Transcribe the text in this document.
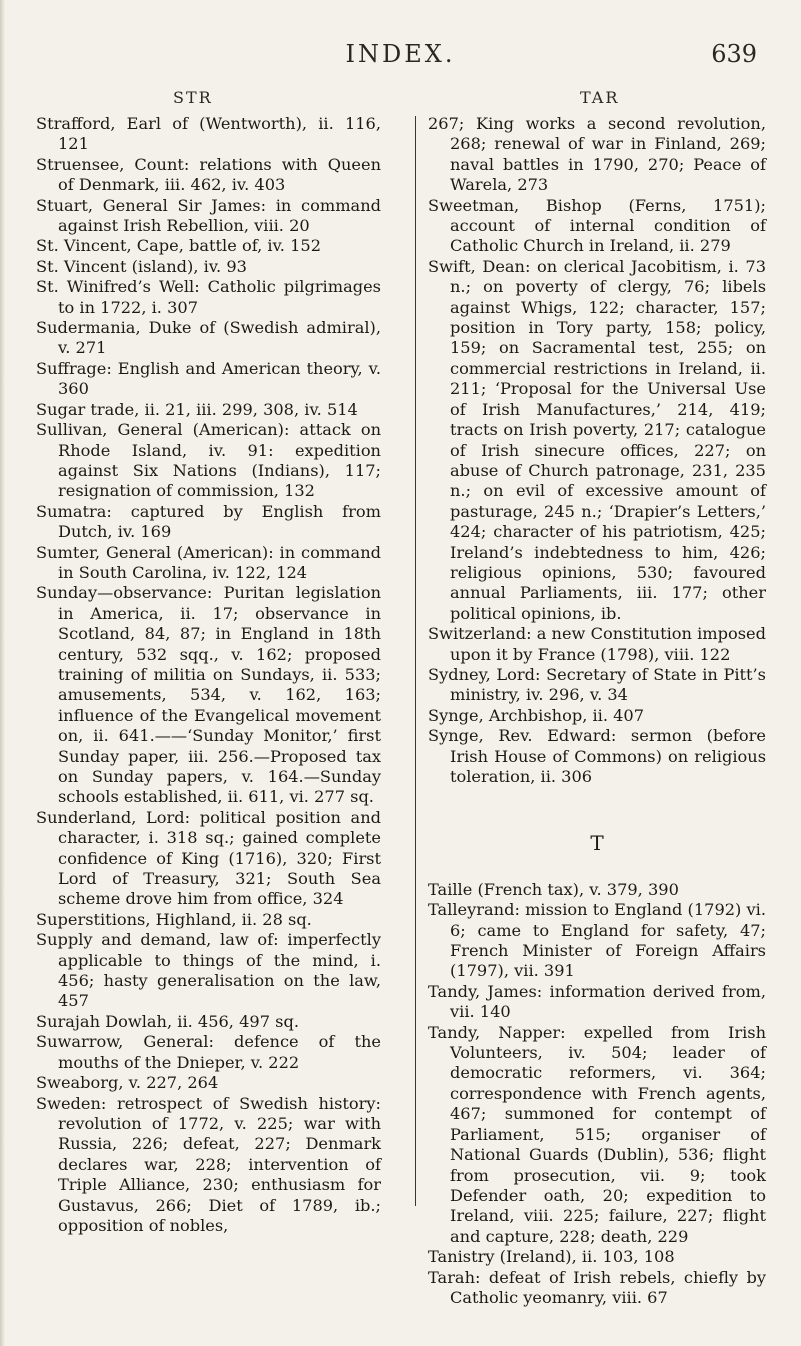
INDEX.	639
STR	TAR

Strafford, Earl of (Wentworth), ii. 116, 121

Struensee, Count: relations with Queen of Denmark, iii. 462, iv. 403

Stuart, General Sir James: in command against Irish Rebellion, viii. 20

St. Vincent, Cape, battle of, iv. 152

St. Vincent (island), iv. 93

St. Winifred’s Well: Catholic pilgrimages to in 1722, i. 307

Sudermania, Duke of (Swedish admiral), v. 271

Suffrage: English and American theory, v. 360

Sugar trade, ii. 21, iii. 299, 308, iv. 514

Sullivan, General (American): attack on Rhode Island, iv. 91: expedition against Six Nations (Indians), 117; resignation of commission, 132

Sumatra: captured by English from Dutch, iv. 169

Sumter, General (American): in command in South Carolina, iv. 122, 124

Sunday—observance: Puritan legislation in America, ii. 17; observance in Scotland, 84, 87; in England in 18th century, 532 sqq., v. 162; proposed training of militia on Sundays, ii. 533; amusements, 534, v. 162, 163; influence of the Evangelical movement on, ii. 641.——‘Sunday Monitor,’ first Sunday paper, iii. 256.—Proposed tax on Sunday papers, v. 164.—Sunday schools established, ii. 611, vi. 277 sq.

Sunderland, Lord: political position and character, i. 318 sq.; gained complete confidence of King (1716), 320; First Lord of Treasury, 321; South Sea scheme drove him from office, 324

Superstitions, Highland, ii. 28 sq.

Supply and demand, law of: imperfectly applicable to things of the mind, i. 456; hasty generalisation on the law, 457

Surajah Dowlah, ii. 456, 497 sq.

Suwarrow, General: defence of the mouths of the Dnieper, v. 222

Sweaborg, v. 227, 264

Sweden: retrospect of Swedish history: revolution of 1772, v. 225; war with Russia, 226; defeat, 227; Denmark declares war, 228; intervention of Triple Alliance, 230; enthusiasm for Gustavus, 266; Diet of 1789, ib.; opposition of nobles,

267; King works a second revolution, 268; renewal of war in Finland, 269; naval battles in 1790, 270; Peace of Warela, 273

Sweetman, Bishop (Ferns, 1751); account of internal condition of Catholic Church in Ireland, ii. 279

Swift, Dean: on clerical Jacobitism, i. 73 n.; on poverty of clergy, 76; libels against Whigs, 122; character, 157; position in Tory party, 158; policy, 159; on Sacramental test, 255; on commercial restrictions in Ireland, ii. 211; ‘Proposal for the Universal Use of Irish Manufactures,’ 214, 419; tracts on Irish poverty, 217; catalogue of Irish sinecure offices, 227; on abuse of Church patronage, 231, 235 n.; on evil of excessive amount of pasturage, 245 n.; ‘Drapier’s Letters,’ 424; character of his patriotism, 425; Ireland’s indebtedness to him, 426; religious opinions, 530; favoured annual Parliaments, iii. 177; other political opinions, ib.

Switzerland: a new Constitution imposed upon it by France (1798), viii. 122

Sydney, Lord: Secretary of State in Pitt’s ministry, iv. 296, v. 34

Synge, Archbishop, ii. 407

Synge, Rev. Edward: sermon (before Irish House of Commons) on religious toleration, ii. 306

T

Taille (French tax), v. 379, 390

Talleyrand: mission to England (1792) vi. 6; came to England for safety, 47; French Minister of Foreign Affairs (1797), vii. 391

Tandy, James: information derived from, vii. 140

Tandy, Napper: expelled from Irish Volunteers, iv. 504; leader of democratic reformers, vi. 364; correspondence with French agents, 467; summoned for contempt of Parliament, 515; organiser of National Guards (Dublin), 536; flight from prosecution, vii. 9; took Defender oath, 20; expedition to Ireland, viii. 225; failure, 227; flight and capture, 228; death, 229

Tanistry (Ireland), ii. 103, 108

Tarah: defeat of Irish rebels, chiefly by Catholic yeomanry, viii. 67
